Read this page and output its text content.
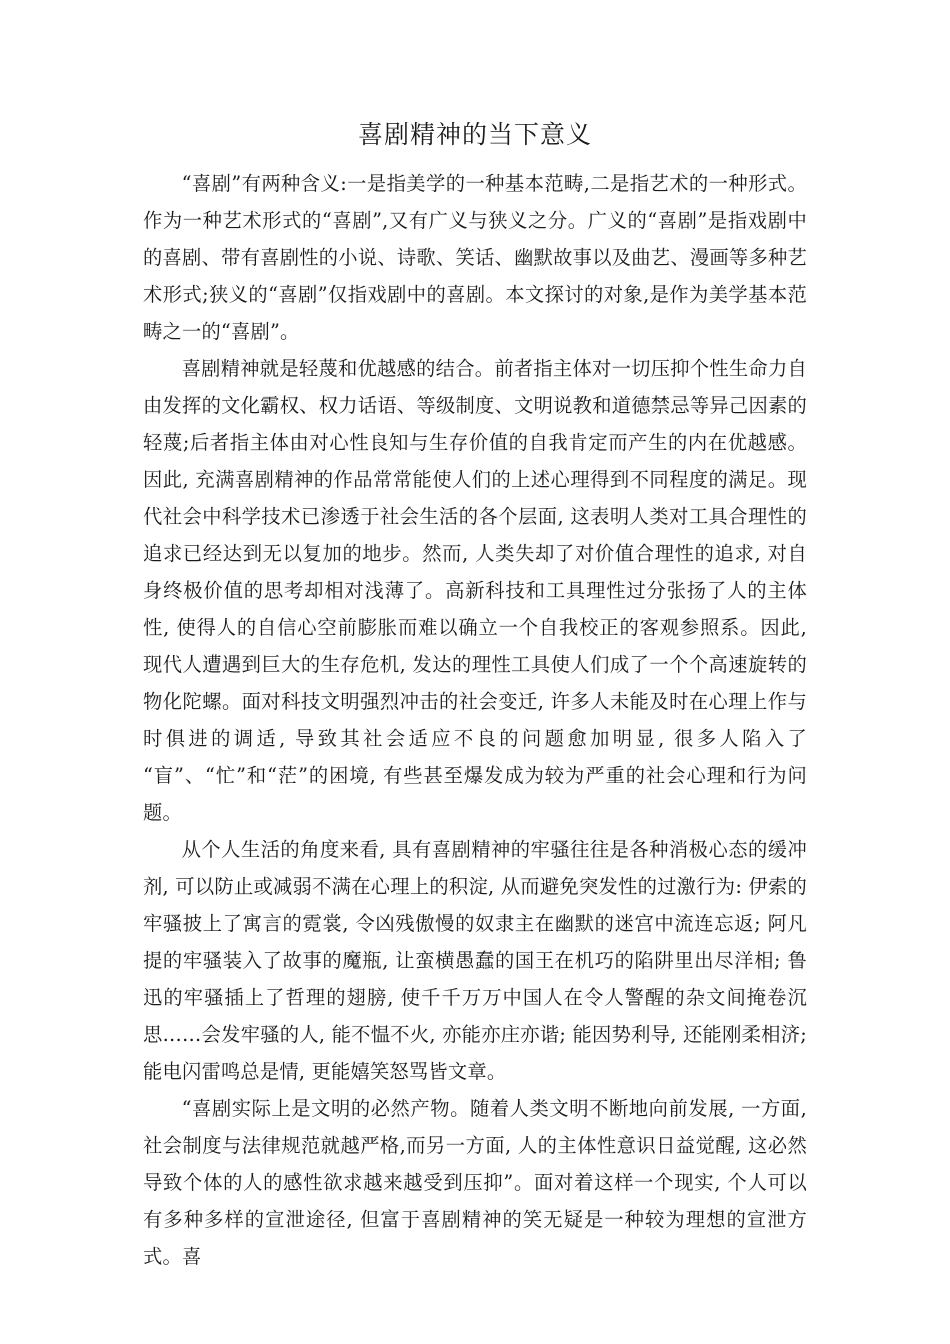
喜剧精神的当下意义

“喜剧”有两种含义:一是指美学的一种基本范畴,二是指艺术的一种形式。作为一种艺术形式的“喜剧”,又有广义与狭义之分。广义的“喜剧”是指戏剧中的喜剧、带有喜剧性的小说、诗歌、笑话、幽默故事以及曲艺、漫画等多种艺术形式;狭义的“喜剧”仅指戏剧中的喜剧。本文探讨的对象,是作为美学基本范畴之一的“喜剧”。

喜剧精神就是轻蔑和优越感的结合。前者指主体对一切压抑个性生命力自由发挥的文化霸权、权力话语、等级制度、文明说教和道德禁忌等异己因素的轻蔑;后者指主体由对心性良知与生存价值的自我肯定而产生的内在优越感。因此, 充满喜剧精神的作品常常能使人们的上述心理得到不同程度的满足。现代社会中科学技术已渗透于社会生活的各个层面, 这表明人类对工具合理性的追求已经达到无以复加的地步。然而, 人类失却了对价值合理性的追求, 对自身终极价值的思考却相对浅薄了。高新科技和工具理性过分张扬了人的主体性, 使得人的自信心空前膨胀而难以确立一个自我校正的客观参照系。因此, 现代人遭遇到巨大的生存危机, 发达的理性工具使人们成了一个个高速旋转的物化陀螺。面对科技文明强烈冲击的社会变迁, 许多人未能及时在心理上作与时俱进的调适, 导致其社会适应不良的问题愈加明显, 很多人陷入了 “盲”、“忙”和“茫”的困境, 有些甚至爆发成为较为严重的社会心理和行为问题。

从个人生活的角度来看, 具有喜剧精神的牢骚往往是各种消极心态的缓冲剂, 可以防止或减弱不满在心理上的积淀, 从而避免突发性的过激行为: 伊索的牢骚披上了寓言的霓裳, 令凶残傲慢的奴隶主在幽默的迷宫中流连忘返; 阿凡提的牢骚装入了故事的魔瓶, 让蛮横愚蠢的国王在机巧的陷阱里出尽洋相; 鲁迅的牢骚插上了哲理的翅膀, 使千千万万中国人在令人警醒的杂文间掩卷沉思……会发牢骚的人, 能不愠不火, 亦能亦庄亦谐; 能因势利导, 还能刚柔相济; 能电闪雷鸣总是情, 更能嬉笑怒骂皆文章。

“喜剧实际上是文明的必然产物。随着人类文明不断地向前发展, 一方面, 社会制度与法律规范就越严格,而另一方面, 人的主体性意识日益觉醒, 这必然导致个体的人的感性欲求越来越受到压抑”。面对着这样一个现实, 个人可以有多种多样的宣泄途径, 但富于喜剧精神的笑无疑是一种较为理想的宣泄方式。喜
